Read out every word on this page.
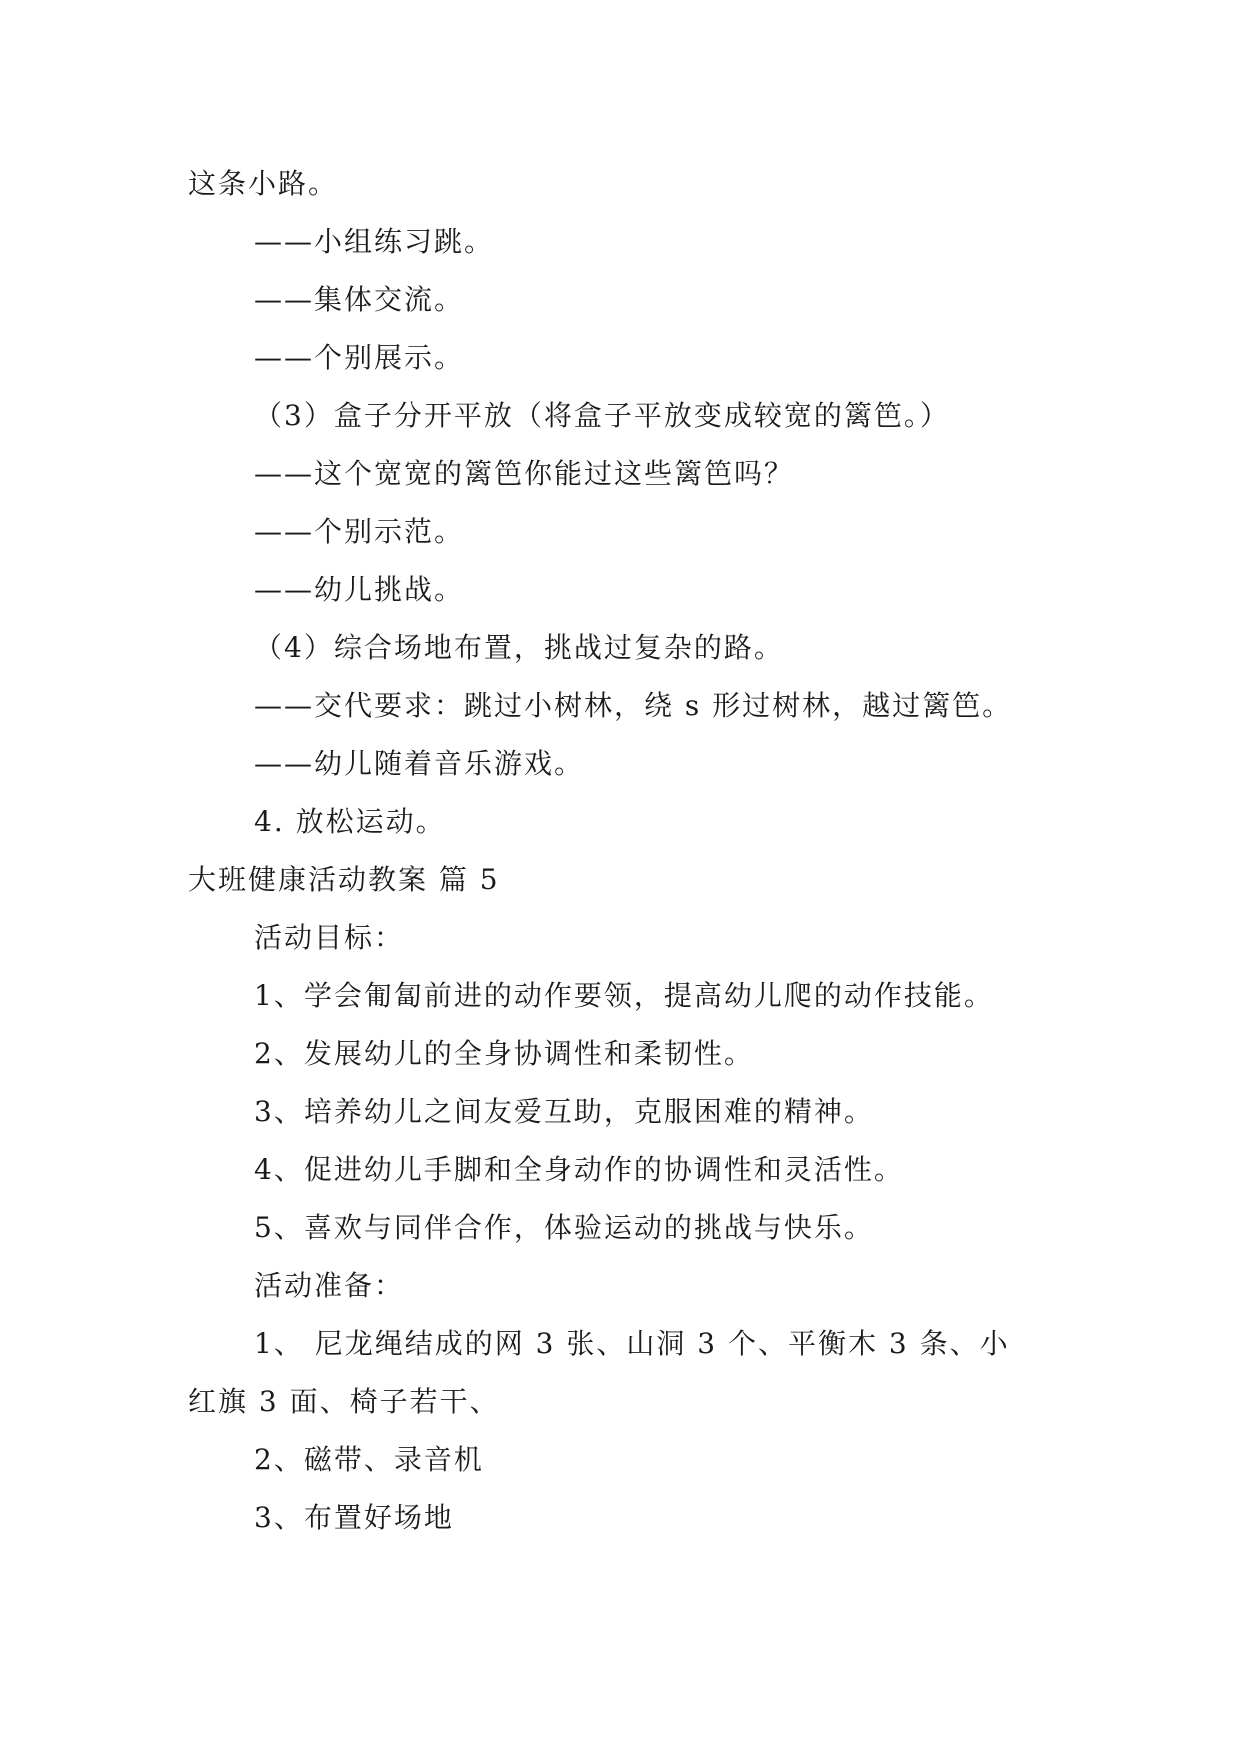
这条小路。
——小组练习跳。
——集体交流。
——个别展示。
（3）盒子分开平放（将盒子平放变成较宽的篱笆。）
——这个宽宽的篱笆你能过这些篱笆吗？
——个别示范。
——幼儿挑战。
（4）综合场地布置，挑战过复杂的路。
——交代要求：跳过小树林，绕 s 形过树林，越过篱笆。
——幼儿随着音乐游戏。
4. 放松运动。
大班健康活动教案 篇 5
活动目标：
1、学会匍匐前进的动作要领，提高幼儿爬的动作技能。
2、发展幼儿的全身协调性和柔韧性。
3、培养幼儿之间友爱互助，克服困难的精神。
4、促进幼儿手脚和全身动作的协调性和灵活性。
5、喜欢与同伴合作，体验运动的挑战与快乐。
活动准备：
1、 尼龙绳结成的网 3 张、山洞 3 个、平衡木 3 条、小
红旗 3 面、椅子若干、
2、磁带、录音机
3、布置好场地
